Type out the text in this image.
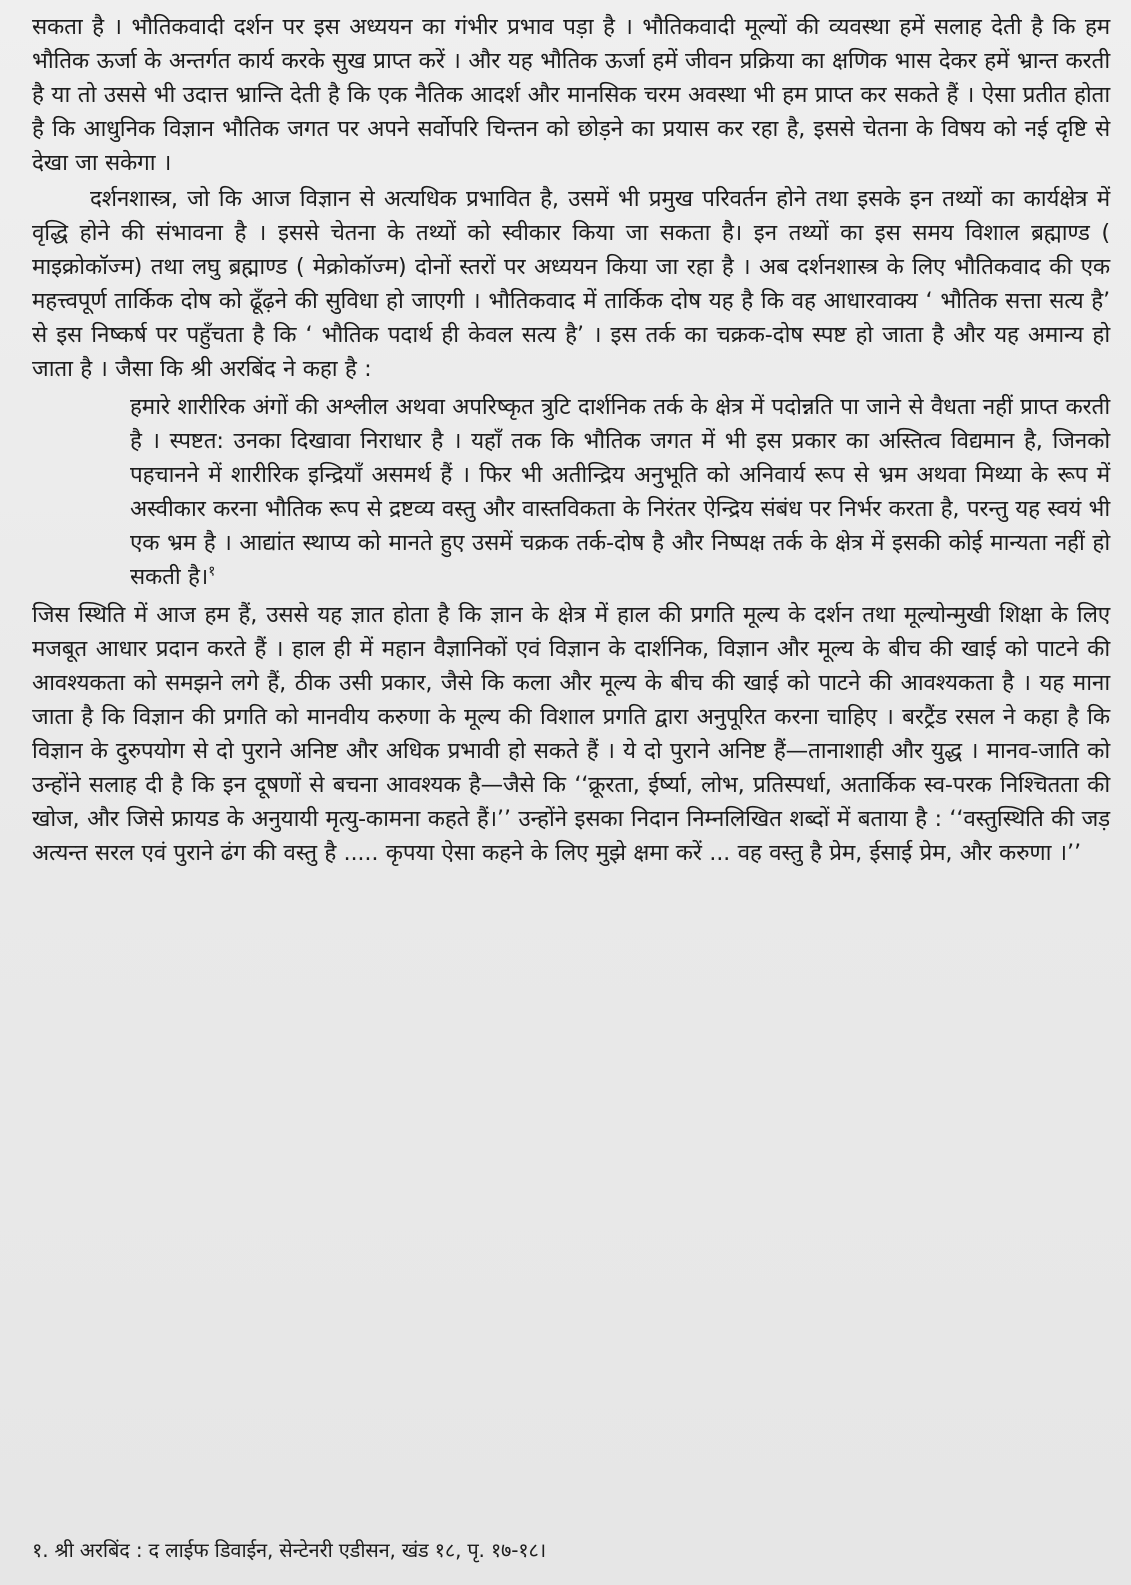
सकता है । भौतिकवादी दर्शन पर इस अध्ययन का गंभीर प्रभाव पड़ा है । भौतिकवादी मूल्यों की व्यवस्था हमें सलाह देती है कि हम भौतिक ऊर्जा के अन्तर्गत कार्य करके सुख प्राप्त करें । और यह भौतिक ऊर्जा हमें जीवन प्रक्रिया का क्षणिक भास देकर हमें भ्रान्त करती है या तो उससे भी उदात्त भ्रान्ति देती है कि एक नैतिक आदर्श और मानसिक चरम अवस्था भी हम प्राप्त कर सकते हैं । ऐसा प्रतीत होता है कि आधुनिक विज्ञान भौतिक जगत पर अपने सर्वोपरि चिन्तन को छोड़ने का प्रयास कर रहा है, इससे चेतना के विषय को नई दृष्टि से देखा जा सकेगा ।

दर्शनशास्त्र, जो कि आज विज्ञान से अत्यधिक प्रभावित है, उसमें भी प्रमुख परिवर्तन होने तथा इसके इन तथ्यों का कार्यक्षेत्र में वृद्धि होने की संभावना है । इससे चेतना के तथ्यों को स्वीकार किया जा सकता है। इन तथ्यों का इस समय विशाल ब्रह्माण्ड ( माइक्रोकॉज्म) तथा लघु ब्रह्माण्ड ( मेक्रोकॉज्म) दोनों स्तरों पर अध्ययन किया जा रहा है । अब दर्शनशास्त्र के लिए भौतिकवाद की एक महत्त्वपूर्ण तार्किक दोष को ढूँढ़ने की सुविधा हो जाएगी । भौतिकवाद में तार्किक दोष यह है कि वह आधारवाक्य ‘ भौतिक सत्ता सत्य है’ से इस निष्कर्ष पर पहुँचता है कि ‘ भौतिक पदार्थ ही केवल सत्य है’ । इस तर्क का चक्रक-दोष स्पष्ट हो जाता है और यह अमान्य हो जाता है । जैसा कि श्री अरबिंद ने कहा है :

हमारे शारीरिक अंगों की अश्लील अथवा अपरिष्कृत त्रुटि दार्शनिक तर्क के क्षेत्र में पदोन्नति पा जाने से वैधता नहीं प्राप्त करती है । स्पष्टत: उनका दिखावा निराधार है । यहाँ तक कि भौतिक जगत में भी इस प्रकार का अस्तित्व विद्यमान है, जिनको पहचानने में शारीरिक इन्द्रियाँ असमर्थ हैं । फिर भी अतीन्द्रिय अनुभूति को अनिवार्य रूप से भ्रम अथवा मिथ्या के रूप में अस्वीकार करना भौतिक रूप से द्रष्टव्य वस्तु और वास्तविकता के निरंतर ऐन्द्रिय संबंध पर निर्भर करता है, परन्तु यह स्वयं भी एक भ्रम है । आद्यांत स्थाप्य को मानते हुए उसमें चक्रक तर्क-दोष है और निष्पक्ष तर्क के क्षेत्र में इसकी कोई मान्यता नहीं हो सकती है।$^१$

जिस स्थिति में आज हम हैं, उससे यह ज्ञात होता है कि ज्ञान के क्षेत्र में हाल की प्रगति मूल्य के दर्शन तथा मूल्योन्मुखी शिक्षा के लिए मजबूत आधार प्रदान करते हैं । हाल ही में महान वैज्ञानिकों एवं विज्ञान के दार्शनिक, विज्ञान और मूल्य के बीच की खाई को पाटने की आवश्यकता को समझने लगे हैं, ठीक उसी प्रकार, जैसे कि कला और मूल्य के बीच की खाई को पाटने की आवश्यकता है । यह माना जाता है कि विज्ञान की प्रगति को मानवीय करुणा के मूल्य की विशाल प्रगति द्वारा अनुपूरित करना चाहिए । बरट्रैंड रसल ने कहा है कि विज्ञान के दुरुपयोग से दो पुराने अनिष्ट और अधिक प्रभावी हो सकते हैं । ये दो पुराने अनिष्ट हैं—तानाशाही और युद्ध । मानव-जाति को उन्होंने सलाह दी है कि इन दूषणों से बचना आवश्यक है—जैसे कि ‘‘क्रूरता, ईर्ष्या, लोभ, प्रतिस्पर्धा, अतार्किक स्व-परक निश्चितता की खोज, और जिसे फ्रायड के अनुयायी मृत्यु-कामना कहते हैं।’’ उन्होंने इसका निदान निम्नलिखित शब्दों में बताया है : ‘‘वस्तुस्थिति की जड़ अत्यन्त सरल एवं पुराने ढंग की वस्तु है ..... कृपया ऐसा कहने के लिए मुझे क्षमा करें ... वह वस्तु है प्रेम, ईसाई प्रेम, और करुणा ।’’

१. श्री अरबिंद : द लाईफ डिवाईन, सेन्टेनरी एडीसन, खंड १८, पृ. १७-१८।
